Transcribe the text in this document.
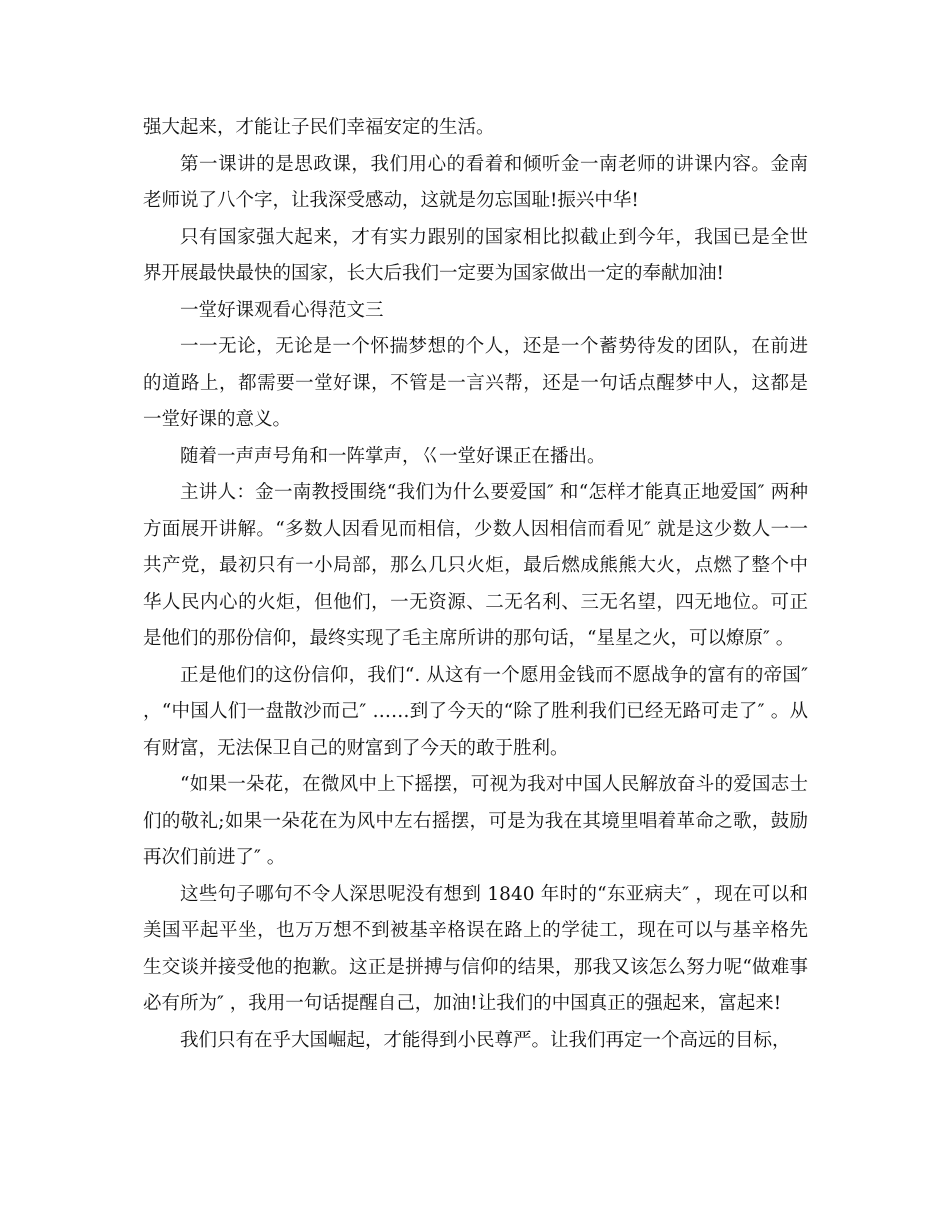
强大起来，才能让子民们幸福安定的生活。

第一课讲的是思政课，我们用心的看着和倾听金一南老师的讲课内容。金南老师说了八个字，让我深受感动，这就是勿忘国耻!振兴中华!

只有国家强大起来，才有实力跟别的国家相比拟截止到今年，我国已是全世界开展最快最快的国家，长大后我们一定要为国家做出一定的奉献加油!

一堂好课观看心得范文三

一一无论，无论是一个怀揣梦想的个人，还是一个蓄势待发的团队，在前进的道路上，都需要一堂好课，不管是一言兴帮，还是一句话点醒梦中人，这都是一堂好课的意义。

随着一声声号角和一阵掌声，巜一堂好课正在播出。

主讲人：金一南教授围绕“我们为什么要爱国″ 和“怎样才能真正地爱国″ 两种方面展开讲解。“多数人因看见而相信，少数人因相信而看见″ 就是这少数人一一共产党，最初只有一小局部，那么几只火炬，最后燃成熊熊大火，点燃了整个中华人民内心的火炬，但他们，一无资源、二无名利、三无名望，四无地位。可正是他们的那份信仰，最终实现了毛主席所讲的那句话，“星星之火，可以燎原″ 。

正是他们的这份信仰，我们“. 从这有一个愿用金钱而不愿战争的富有的帝国″ ，“中国人们一盘散沙而己″ ……到了今天的“除了胜利我们已经无路可走了″ 。从有财富，无法保卫自己的财富到了今天的敢于胜利。

“如果一朵花，在微风中上下摇摆，可视为我对中国人民解放奋斗的爱国志士们的敬礼;如果一朵花在为风中左右摇摆，可是为我在其境里唱着革命之歌，鼓励再次们前进了″ 。

这些句子哪句不令人深思呢没有想到 1840 年时的“东亚病夫″ ，现在可以和美国平起平坐，也万万想不到被基辛格误在路上的学徒工，现在可以与基辛格先生交谈并接受他的抱歉。这正是拼搏与信仰的结果，那我又该怎么努力呢“做难事必有所为″ ，我用一句话提醒自己，加油!让我们的中国真正的强起来，富起来!

我们只有在乎大国崛起，才能得到小民尊严。让我们再定一个高远的目标，
